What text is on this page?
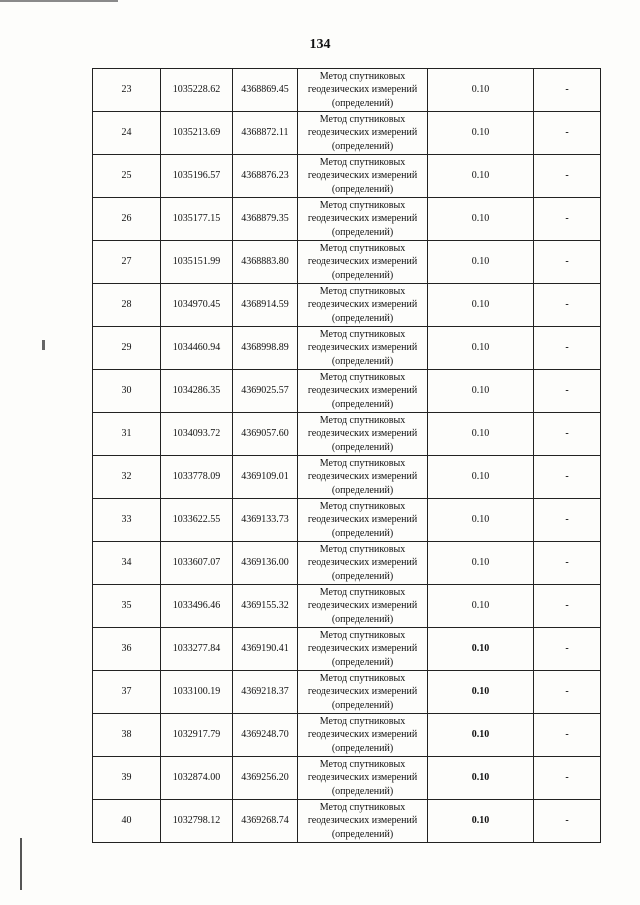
134
23	1035228.62	4368869.45	Метод спутниковых
геодезических измерений
(определений)	0.10	-
24	1035213.69	4368872.11	Метод спутниковых
геодезических измерений
(определений)	0.10	-
25	1035196.57	4368876.23	Метод спутниковых
геодезических измерений
(определений)	0.10	-
26	1035177.15	4368879.35	Метод спутниковых
геодезических измерений
(определений)	0.10	-
27	1035151.99	4368883.80	Метод спутниковых
геодезических измерений
(определений)	0.10	-
28	1034970.45	4368914.59	Метод спутниковых
геодезических измерений
(определений)	0.10	-
29	1034460.94	4368998.89	Метод спутниковых
геодезических измерений
(определений)	0.10	-
30	1034286.35	4369025.57	Метод спутниковых
геодезических измерений
(определений)	0.10	-
31	1034093.72	4369057.60	Метод спутниковых
геодезических измерений
(определений)	0.10	-
32	1033778.09	4369109.01	Метод спутниковых
геодезических измерений
(определений)	0.10	-
33	1033622.55	4369133.73	Метод спутниковых
геодезических измерений
(определений)	0.10	-
34	1033607.07	4369136.00	Метод спутниковых
геодезических измерений
(определений)	0.10	-
35	1033496.46	4369155.32	Метод спутниковых
геодезических измерений
(определений)	0.10	-
36	1033277.84	4369190.41	Метод спутниковых
геодезических измерений
(определений)	0.10	-
37	1033100.19	4369218.37	Метод спутниковых
геодезических измерений
(определений)	0.10	-
38	1032917.79	4369248.70	Метод спутниковых
геодезических измерений
(определений)	0.10	-
39	1032874.00	4369256.20	Метод спутниковых
геодезических измерений
(определений)	0.10	-
40	1032798.12	4369268.74	Метод спутниковых
геодезических измерений
(определений)	0.10	-
